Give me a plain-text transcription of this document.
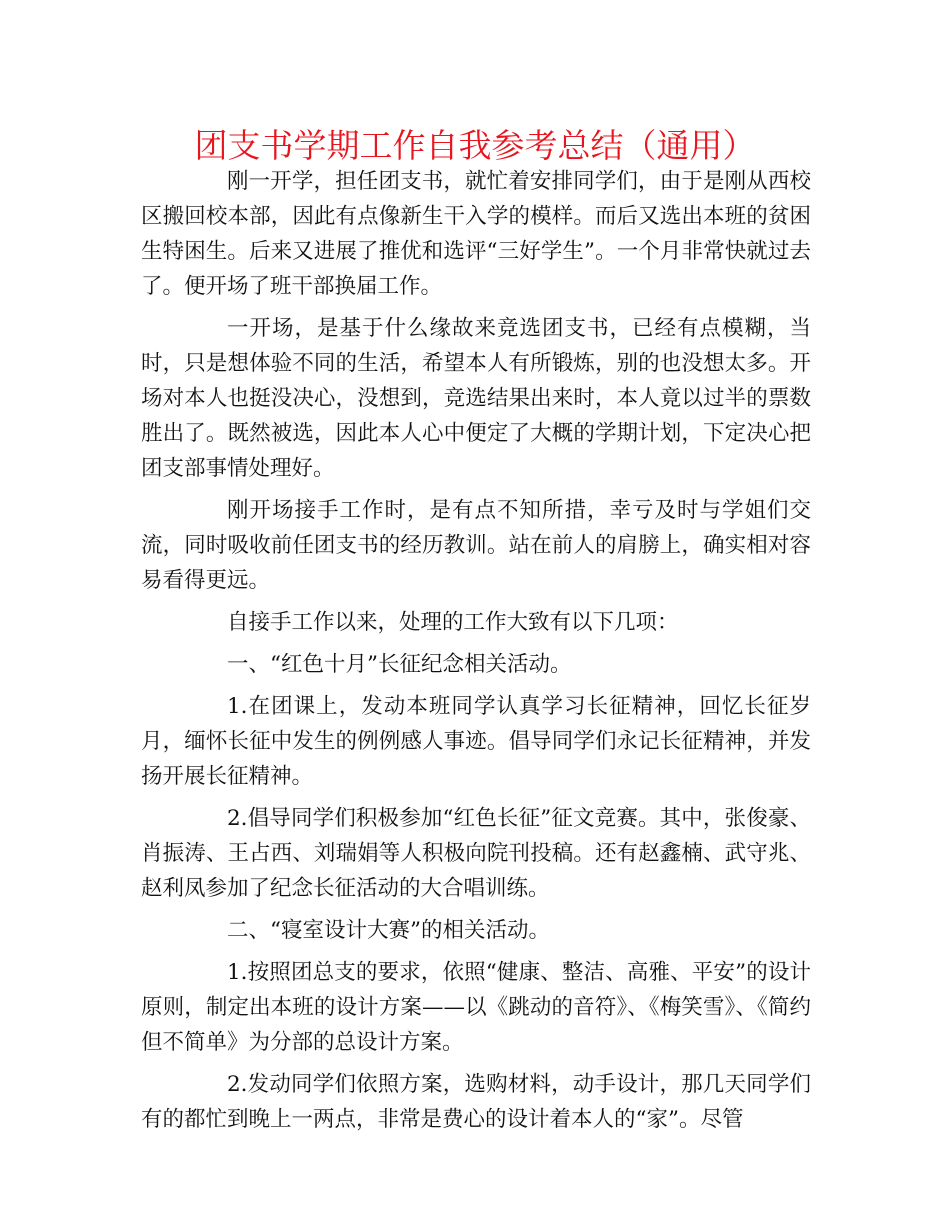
团支书学期工作自我参考总结（通用）

刚一开学，担任团支书，就忙着安排同学们，由于是刚从西校区搬回校本部，因此有点像新生干入学的模样。而后又选出本班的贫困生特困生。后来又进展了推优和选评“三好学生”。一个月非常快就过去了。便开场了班干部换届工作。

一开场，是基于什么缘故来竞选团支书，已经有点模糊，当时，只是想体验不同的生活，希望本人有所锻炼，别的也没想太多。开场对本人也挺没决心，没想到，竞选结果出来时，本人竟以过半的票数胜出了。既然被选，因此本人心中便定了大概的学期计划，下定决心把团支部事情处理好。

刚开场接手工作时，是有点不知所措，幸亏及时与学姐们交流，同时吸收前任团支书的经历教训。站在前人的肩膀上，确实相对容易看得更远。

自接手工作以来，处理的工作大致有以下几项：

一、“红色十月”长征纪念相关活动。

1.在团课上，发动本班同学认真学习长征精神，回忆长征岁月，缅怀长征中发生的例例感人事迹。倡导同学们永记长征精神，并发扬开展长征精神。

2.倡导同学们积极参加“红色长征”征文竞赛。其中，张俊豪、肖振涛、王占西、刘瑞娟等人积极向院刊投稿。还有赵鑫楠、武守兆、赵利凤参加了纪念长征活动的大合唱训练。

二、“寝室设计大赛”的相关活动。

1.按照团总支的要求，依照“健康、整洁、高雅、平安”的设计原则，制定出本班的设计方案——以《跳动的音符》、《梅笑雪》、《简约但不简单》为分部的总设计方案。

2.发动同学们依照方案，选购材料，动手设计，那几天同学们有的都忙到晚上一两点，非常是费心的设计着本人的“家”。尽管
